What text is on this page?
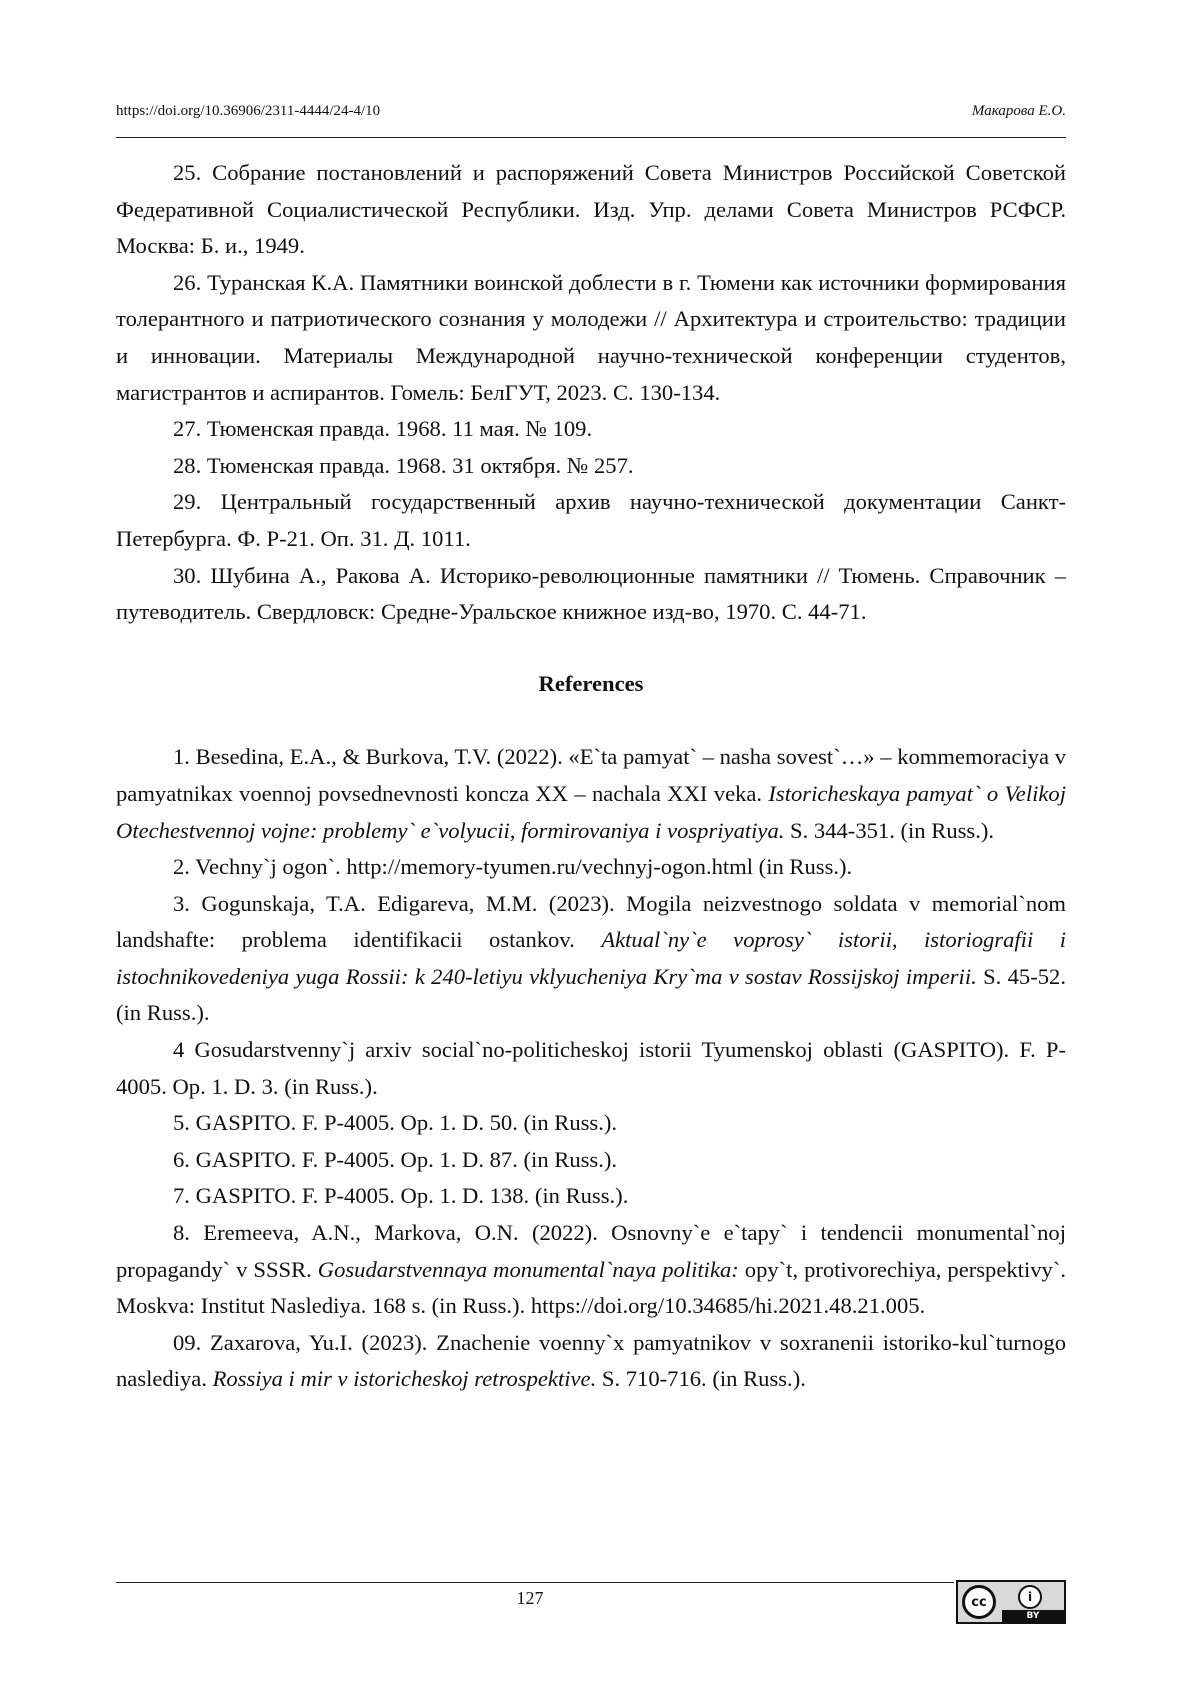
https://doi.org/10.36906/2311-4444/24-4/10	Макарова Е.О.

25. Собрание постановлений и распоряжений Совета Министров Российской Советской Федеративной Социалистической Республики. Изд. Упр. делами Совета Министров РСФСР. Москва: Б. и., 1949.

26. Туранская К.А. Памятники воинской доблести в г. Тюмени как источники формирования толерантного и патриотического сознания у молодежи // Архитектура и строительство: традиции и инновации. Материалы Международной научно-технической конференции студентов, магистрантов и аспирантов. Гомель: БелГУТ, 2023. С. 130-134.

27. Тюменская правда. 1968. 11 мая. № 109.

28. Тюменская правда. 1968. 31 октября. № 257.

29. Центральный государственный архив научно-технической документации Санкт-Петербурга. Ф. Р-21. Оп. 31. Д. 1011.

30. Шубина А., Ракова А. Историко-революционные памятники // Тюмень. Справочник – путеводитель. Свердловск: Средне-Уральское книжное изд-во, 1970. С. 44-71.

References

1. Besedina, E.A., & Burkova, T.V. (2022). «E`ta pamyat` – nasha sovest`…» – kommemoraciya v pamyatnikax voennoj povsednevnosti koncza XX – nachala XXI veka. Istoricheskaya pamyat` o Velikoj Otechestvennoj vojne: problemy` e`volyucii, formirovaniya i vospriyatiya. S. 344-351. (in Russ.).

2. Vechny`j ogon`. http://memory-tyumen.ru/vechnyj-ogon.html (in Russ.).

3. Gogunskaja, T.A. Edigareva, M.M. (2023). Mogila neizvestnogo soldata v memorial`nom landshafte: problema identifikacii ostankov. Aktual`ny`e voprosy` istorii, istoriografii i istochnikovedeniya yuga Rossii: k 240-letiyu vklyucheniya Kry`ma v sostav Rossijskoj imperii. S. 45-52. (in Russ.).

4 Gosudarstvenny`j arxiv social`no-politicheskoj istorii Tyumenskoj oblasti (GASPITO). F. P-4005. Op. 1. D. 3. (in Russ.).

5. GASPITO. F. P-4005. Op. 1. D. 50. (in Russ.).

6. GASPITO. F. P-4005. Op. 1. D. 87. (in Russ.).

7. GASPITO. F. P-4005. Op. 1. D. 138. (in Russ.).

8. Eremeeva, A.N., Markova, O.N. (2022). Osnovny`e e`tapy` i tendencii monumental`noj propagandy` v SSSR. Gosudarstvennaya monumental`naya politika: opy`t, protivorechiya, perspektivy`. Moskva: Institut Naslediya. 168 s. (in Russ.). https://doi.org/10.34685/hi.2021.48.21.005.

09. Zaxarova, Yu.I. (2023). Znachenie voenny`x pamyatnikov v soxranenii istoriko-kul`turnogo naslediya. Rossiya i mir v istoricheskoj retrospektive. S. 710-716. (in Russ.).

127	cc	i
BY
